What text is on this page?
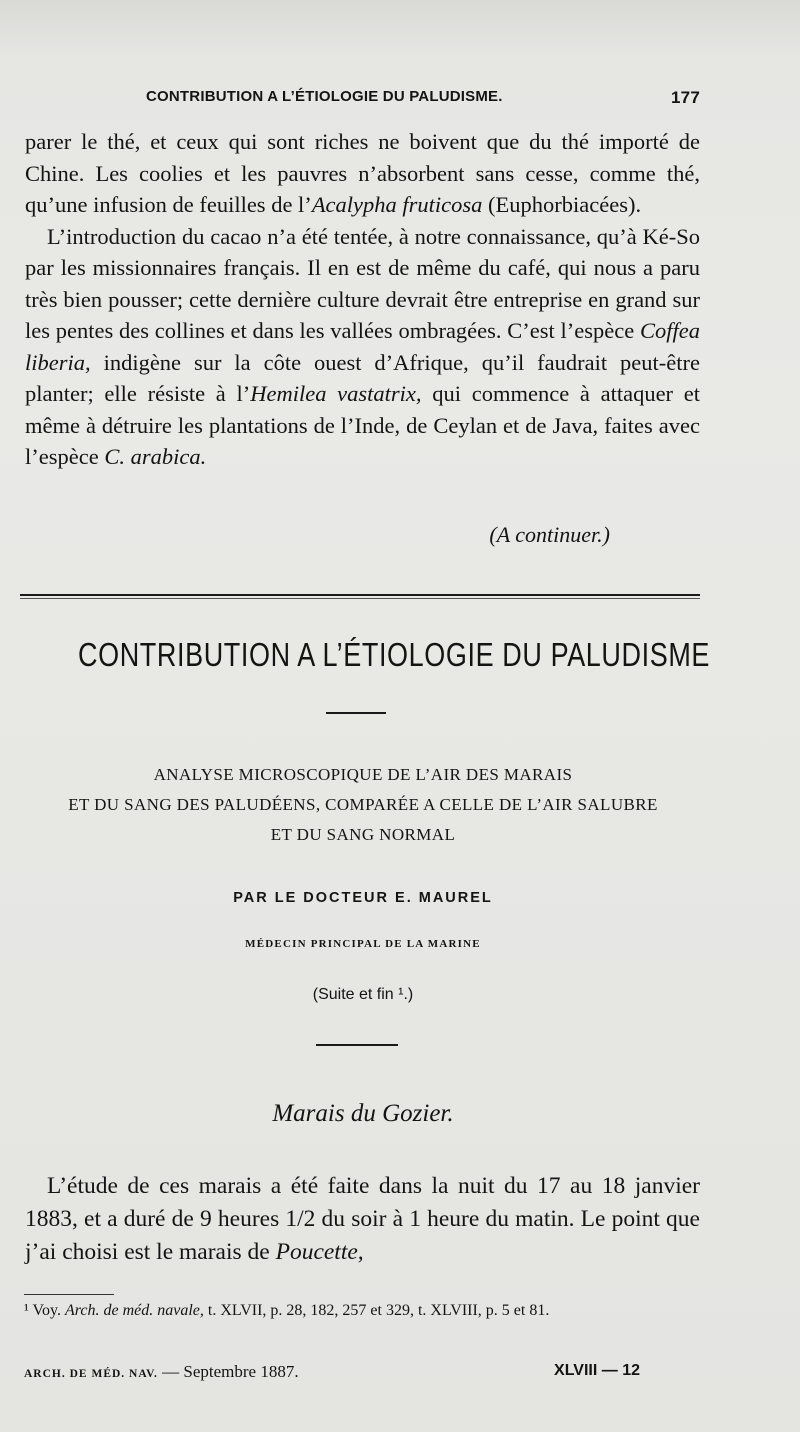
CONTRIBUTION A L’ÉTIOLOGIE DU PALUDISME.	177

parer le thé, et ceux qui sont riches ne boivent que du thé importé de Chine. Les coolies et les pauvres n’absorbent sans cesse, comme thé, qu’une infusion de feuilles de l’Acalypha fruticosa (Euphorbiacées).

L’introduction du cacao n’a été tentée, à notre connaissance, qu’à Ké-So par les missionnaires français. Il en est de même du café, qui nous a paru très bien pousser; cette dernière culture devrait être entreprise en grand sur les pentes des collines et dans les vallées ombragées. C’est l’espèce Coffea liberia, indigène sur la côte ouest d’Afrique, qu’il faudrait peut-être planter; elle résiste à l’Hemilea vastatrix, qui commence à attaquer et même à détruire les plantations de l’Inde, de Ceylan et de Java, faites avec l’espèce C. arabica.

(A continuer.)
CONTRIBUTION A L’ÉTIOLOGIE DU PALUDISME
ANALYSE MICROSCOPIQUE DE L’AIR DES MARAIS
ET DU SANG DES PALUDÉENS, COMPARÉE A CELLE DE L’AIR SALUBRE
ET DU SANG NORMAL
PAR LE DOCTEUR E. MAUREL
MÉDECIN PRINCIPAL DE LA MARINE
(Suite et fin ¹.)
Marais du Gozier.

L’étude de ces marais a été faite dans la nuit du 17 au 18 janvier 1883, et a duré de 9 heures 1/2 du soir à 1 heure du matin. Le point que j’ai choisi est le marais de Poucette,

¹ Voy. Arch. de méd. navale, t. XLVII, p. 28, 182, 257 et 329, t. XLVIII, p. 5 et 81.
ARCH. DE MÉD. NAV. — Septembre 1887.	XLVIII — 12
